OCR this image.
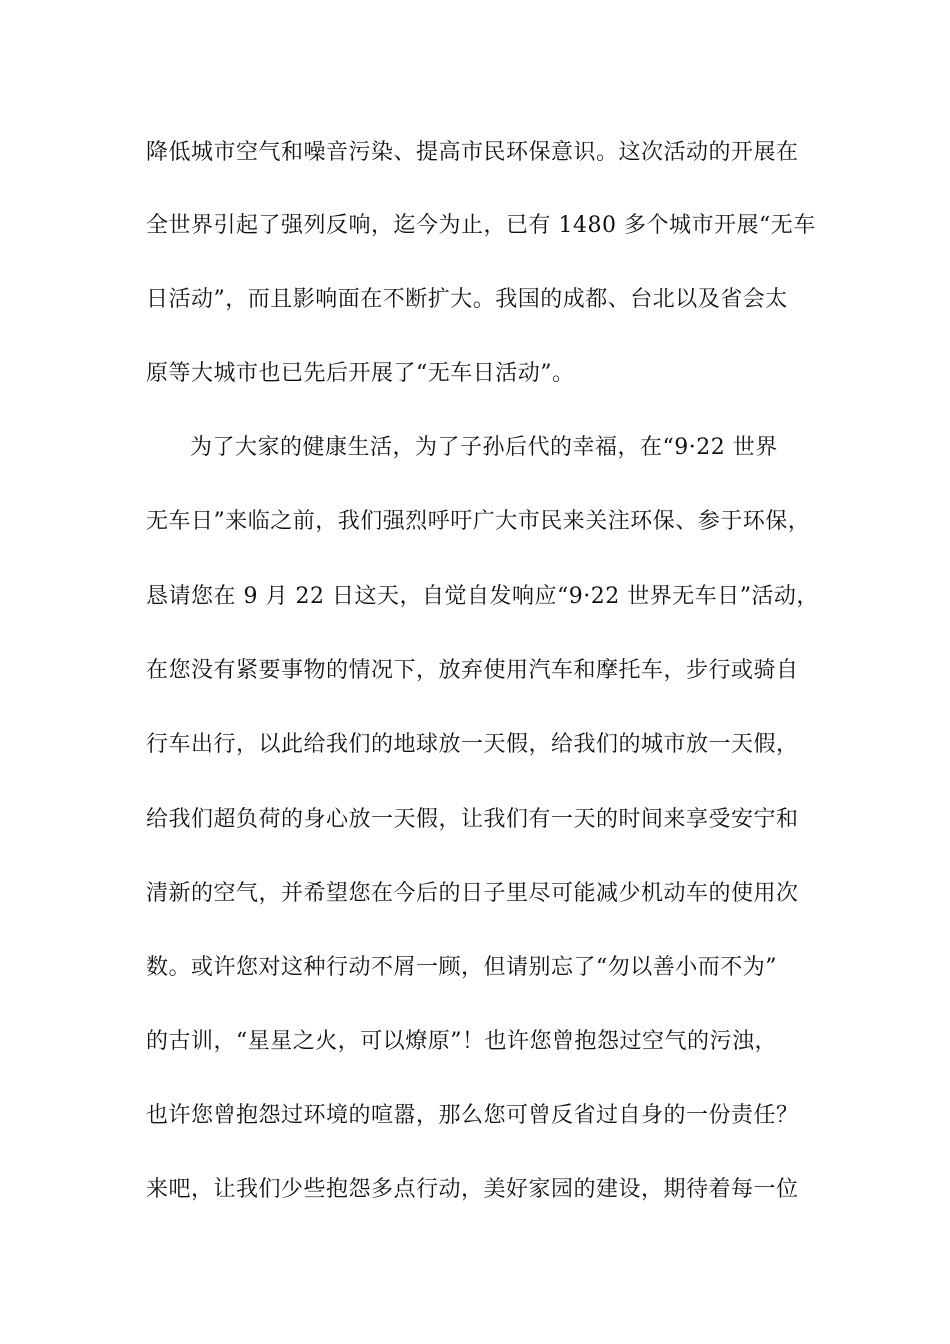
降低城市空气和噪音污染、提高市民环保意识。这次活动的开展在
全世界引起了强列反响，迄今为止，已有 1480 多个城市开展“无车
日活动”，而且影响面在不断扩大。我国的成都、台北以及省会太
原等大城市也已先后开展了“无车日活动”。
为了大家的健康生活，为了子孙后代的幸福，在“9·22 世界
无车日”来临之前，我们强烈呼吁广大市民来关注环保、参于环保，
恳请您在 9 月 22 日这天，自觉自发响应“9·22 世界无车日”活动，
在您没有紧要事物的情况下，放弃使用汽车和摩托车，步行或骑自
行车出行，以此给我们的地球放一天假，给我们的城市放一天假，
给我们超负荷的身心放一天假，让我们有一天的时间来享受安宁和
清新的空气，并希望您在今后的日子里尽可能减少机动车的使用次
数。或许您对这种行动不屑一顾，但请别忘了“勿以善小而不为”
的古训，“星星之火，可以燎原”！也许您曾抱怨过空气的污浊，
也许您曾抱怨过环境的喧嚣，那么您可曾反省过自身的一份责任？
来吧，让我们少些抱怨多点行动，美好家园的建设，期待着每一位
